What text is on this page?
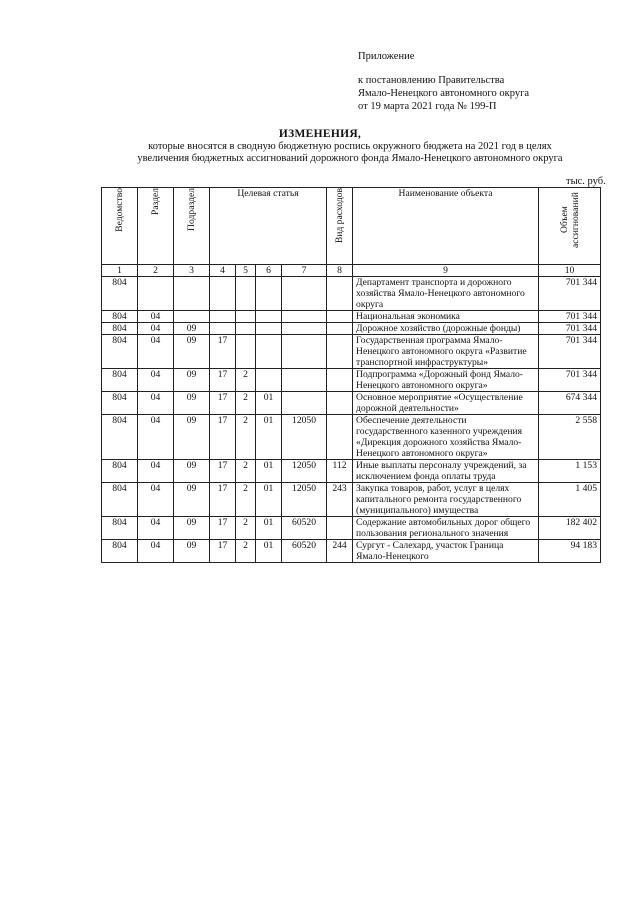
Приложение
к постановлению Правительства
Ямало-Ненецкого автономного округа
от 19 марта 2021 года № 199-П
ИЗМЕНЕНИЯ,
которые вносятся в сводную бюджетную роспись окружного бюджета на 2021 год в целях
увеличения бюджетных ассигнований дорожного фонда Ямало-Ненецкого автономного округа
тыс. руб.
Ведомство	Раздел	Подраздел	Целевая статья				Вид расходов	Наименование объекта	Объем ассигнований
1	2	3	4	5	6	7	8	9	10
804								Департамент транспорта и дорожного хозяйства Ямало-Ненецкого автономного округа	701 344
804	04							Национальная экономика	701 344
804	04	09						Дорожное хозяйство (дорожные фонды)	701 344
804	04	09	17					Государственная программа Ямало-Ненецкого автономного округа «Развитие транспортной инфраструктуры»	701 344
804	04	09	17	2				Подпрограмма «Дорожный фонд Ямало-Ненецкого автономного округа»	701 344
804	04	09	17	2	01			Основное мероприятие «Осуществление дорожной деятельности»	674 344
804	04	09	17	2	01	12050		Обеспечение деятельности государственного казенного учреждения «Дирекция дорожного хозяйства Ямало-Ненецкого автономного округа»	2 558
804	04	09	17	2	01	12050	112	Иные выплаты персоналу учреждений, за исключением фонда оплаты труда	1 153
804	04	09	17	2	01	12050	243	Закупка товаров, работ, услуг в целях капитального ремонта государственного (муниципального) имущества	1 405
804	04	09	17	2	01	60520		Содержание автомобильных дорог общего пользования регионального значения	182 402
804	04	09	17	2	01	60520	244	Сургут - Салехард, участок Граница Ямало-Ненецкого	94 183
